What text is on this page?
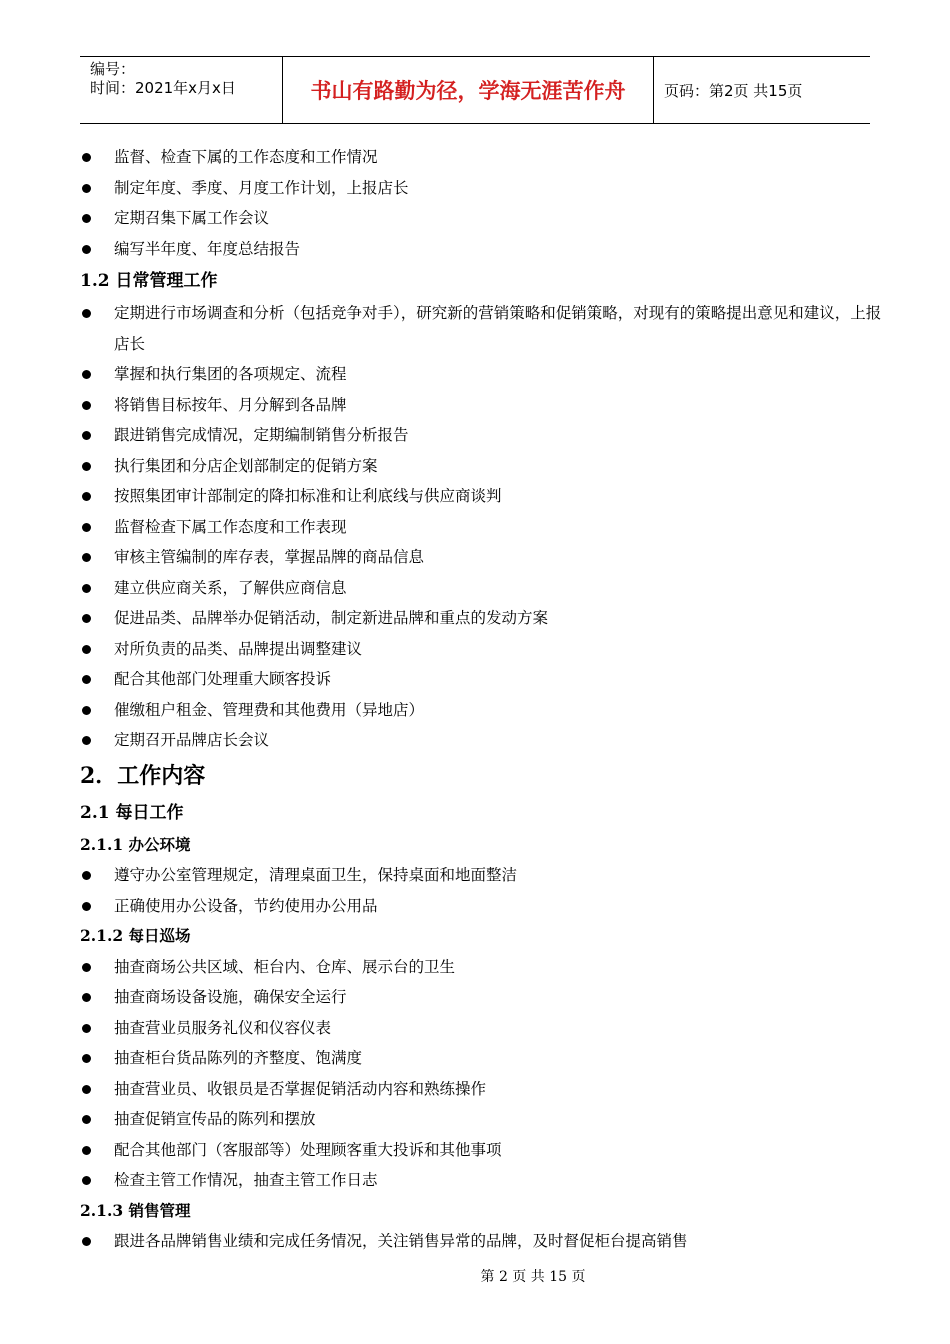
编号：
时间：2021年x月x日	书山有路勤为径，学海无涯苦作舟	页码：第2页 共15页
监督、检查下属的工作态度和工作情况
制定年度、季度、月度工作计划，上报店长
定期召集下属工作会议
编写半年度、年度总结报告
1.2 日常管理工作
定期进行市场调查和分析（包括竞争对手），研究新的营销策略和促销策略，对现有的策略提出意见和建议，上报店长
掌握和执行集团的各项规定、流程
将销售目标按年、月分解到各品牌
跟进销售完成情况，定期编制销售分析报告
执行集团和分店企划部制定的促销方案
按照集团审计部制定的降扣标准和让利底线与供应商谈判
监督检查下属工作态度和工作表现
审核主管编制的库存表，掌握品牌的商品信息
建立供应商关系，了解供应商信息
促进品类、品牌举办促销活动，制定新进品牌和重点的发动方案
对所负责的品类、品牌提出调整建议
配合其他部门处理重大顾客投诉
催缴租户租金、管理费和其他费用（异地店）
定期召开品牌店长会议
2．工作内容
2.1 每日工作
2.1.1 办公环境
遵守办公室管理规定，清理桌面卫生，保持桌面和地面整洁
正确使用办公设备，节约使用办公用品
2.1.2 每日巡场
抽查商场公共区域、柜台内、仓库、展示台的卫生
抽查商场设备设施，确保安全运行
抽查营业员服务礼仪和仪容仪表
抽查柜台货品陈列的齐整度、饱满度
抽查营业员、收银员是否掌握促销活动内容和熟练操作
抽查促销宣传品的陈列和摆放
配合其他部门（客服部等）处理顾客重大投诉和其他事项
检查主管工作情况，抽查主管工作日志
2.1.3 销售管理
跟进各品牌销售业绩和完成任务情况，关注销售异常的品牌，及时督促柜台提高销售
第 2 页 共 15 页
